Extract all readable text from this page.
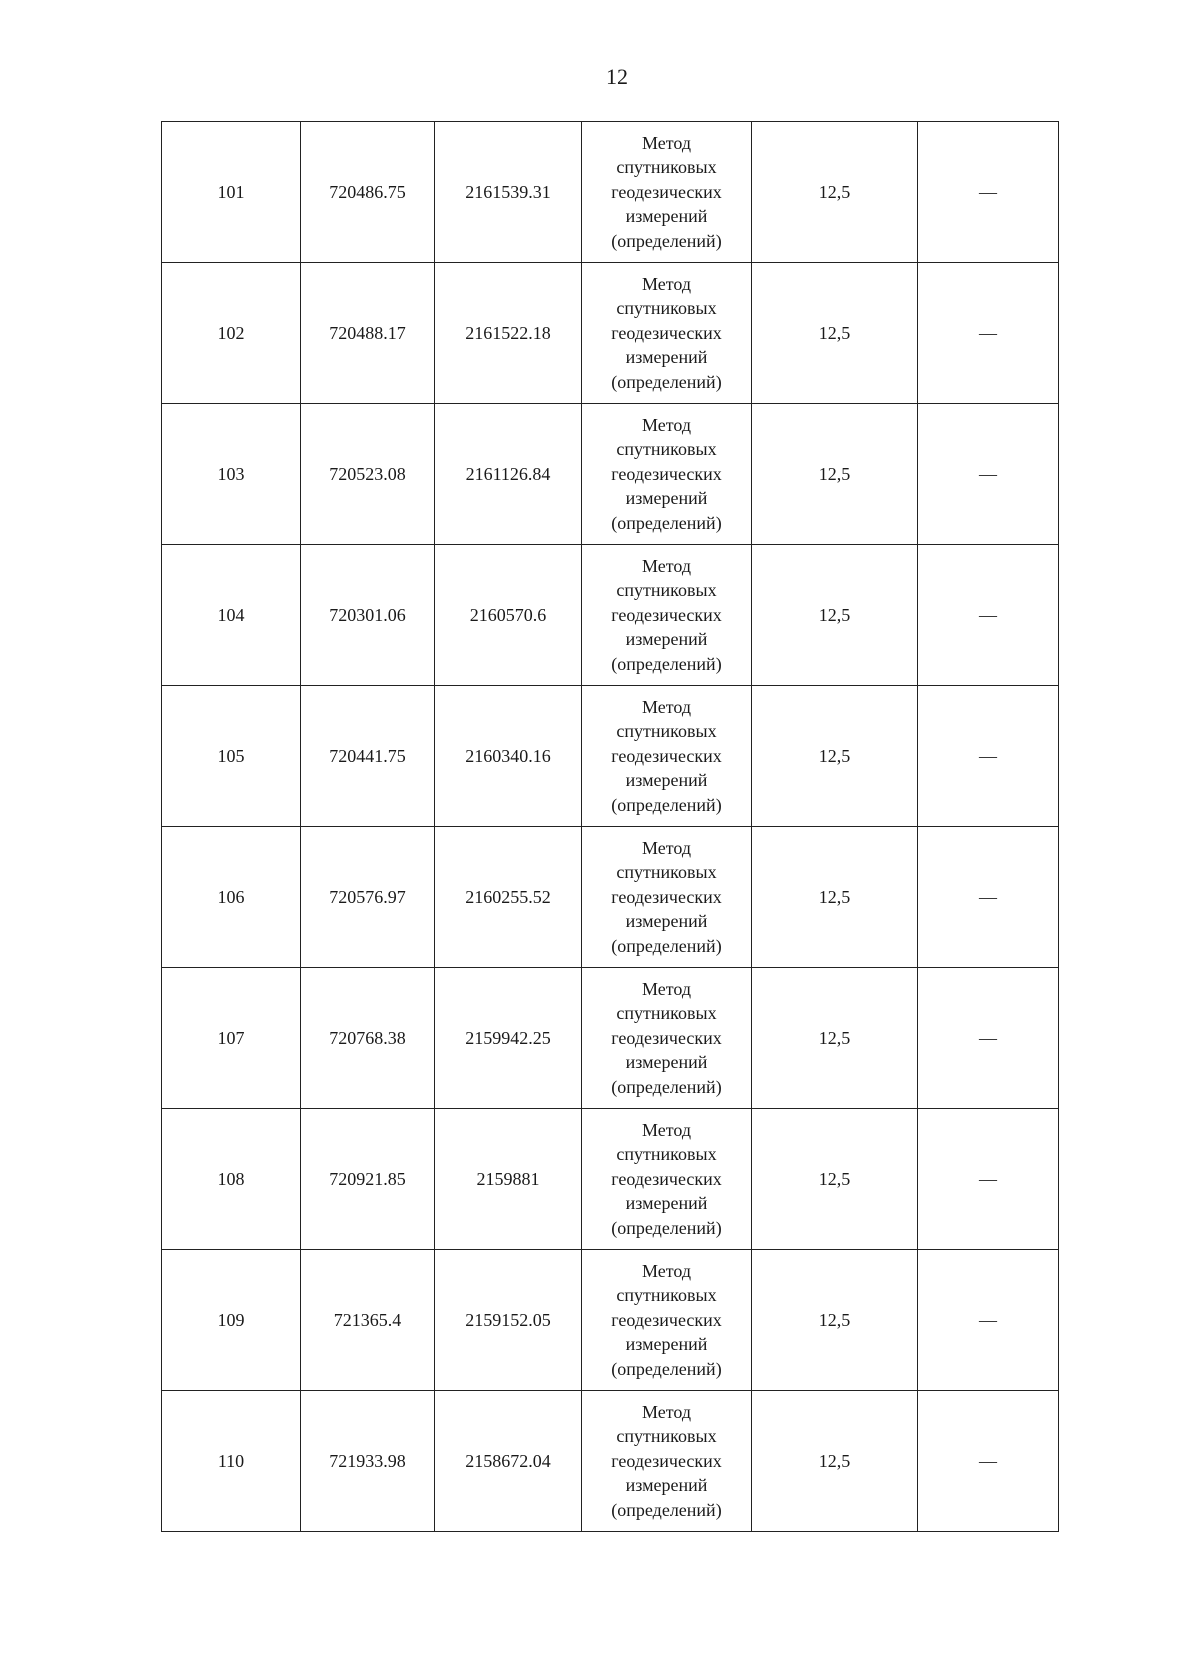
12
101	720486.75	2161539.31	Метод
спутниковых
геодезических
измерений
(определений)	12,5	—
102	720488.17	2161522.18	Метод
спутниковых
геодезических
измерений
(определений)	12,5	—
103	720523.08	2161126.84	Метод
спутниковых
геодезических
измерений
(определений)	12,5	—
104	720301.06	2160570.6	Метод
спутниковых
геодезических
измерений
(определений)	12,5	—
105	720441.75	2160340.16	Метод
спутниковых
геодезических
измерений
(определений)	12,5	—
106	720576.97	2160255.52	Метод
спутниковых
геодезических
измерений
(определений)	12,5	—
107	720768.38	2159942.25	Метод
спутниковых
геодезических
измерений
(определений)	12,5	—
108	720921.85	2159881	Метод
спутниковых
геодезических
измерений
(определений)	12,5	—
109	721365.4	2159152.05	Метод
спутниковых
геодезических
измерений
(определений)	12,5	—
110	721933.98	2158672.04	Метод
спутниковых
геодезических
измерений
(определений)	12,5	—
